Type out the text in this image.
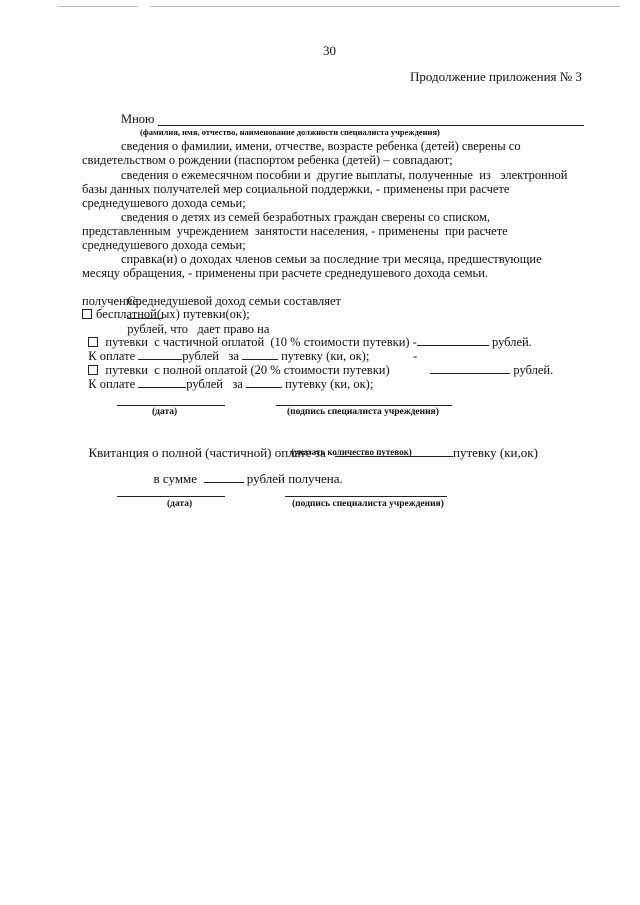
30
Продолжение приложения № 3
Мною
(фамилия, имя, отчество, наименование должности специалиста учреждения)
сведения о фамилии, имени, отчестве, возрасте ребенка (детей) сверены со
свидетельством о рождении (паспортом ребенка (детей) – совпадают;
сведения о ежемесячном пособии и  другие выплаты, полученные  из   электронной
базы данных получателей мер социальной поддержки, - применены при расчете
среднедушевого дохода семьи;
сведения о детях из семей безработных граждан сверены со списком,
представленным  учреждением  занятости населения, - применены  при расчете
среднедушевого дохода семьи;
справка(и) о доходах членов семьи за последние три месяца, предшествующие
месяцу обращения, - применены при расчете среднедушевого дохода семьи.

Среднедушевой доход семьи составляет

рублей, что   дает право на

получение:
бесплатной(ых) путевки(ок);

путевки  с частичной оплатой  (10 % стоимости путевки) -	рублей.

К оплате	рублей   за	путевку (ки, ок);

путевки  с полной оплатой (20 % стоимости путевки)

-

рублей.

К оплате	рублей   за	путевку (ки, ок);

(дата)	(подпись специалиста учреждения)

Квитанция о полной (частичной) оплате за	путевку (ки,ок)

(указать количество путевок)

в сумме	рублей получена.

(дата)	(подпись специалиста учреждения)
